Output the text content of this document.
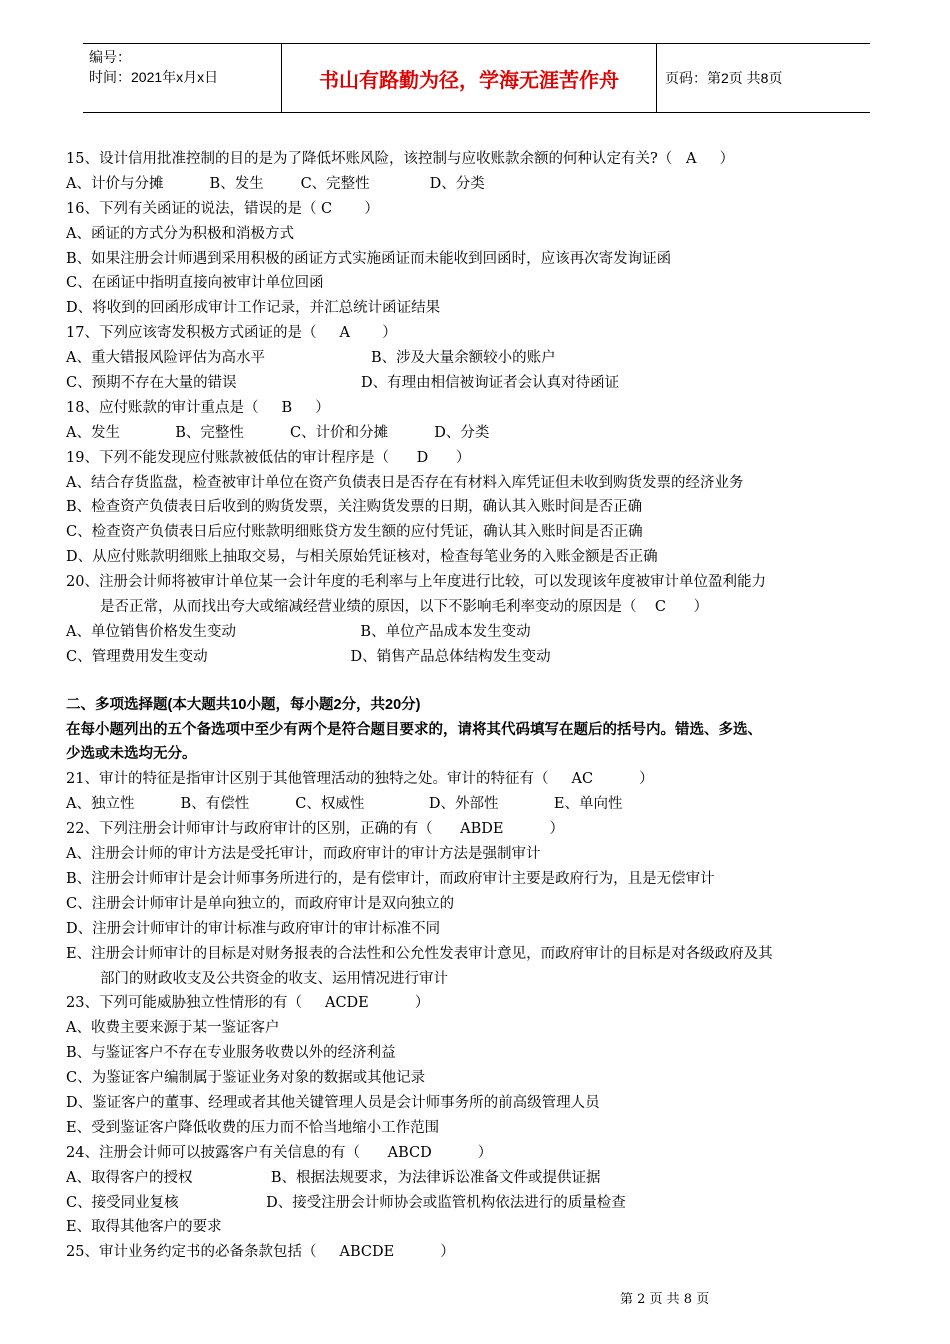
编号：
时间：2021年x月x日	书山有路勤为径，学海无涯苦作舟	页码：第2页 共8页
15、设计信用批准控制的目的是为了降低坏账风险，该控制与应收账款余额的何种认定有关?（   A     ）
A、计价与分摊          B、发生        C、完整性             D、分类
16、下列有关函证的说法，错误的是（ C       ）
A、函证的方式分为积极和消极方式
B、如果注册会计师遇到采用积极的函证方式实施函证而未能收到回函时，应该再次寄发询证函
C、在函证中指明直接向被审计单位回函
D、将收到的回函形成审计工作记录，并汇总统计函证结果
17、下列应该寄发积极方式函证的是（     A       ）
A、重大错报风险评估为高水平                       B、涉及大量余额较小的账户
C、预期不存在大量的错误                           D、有理由相信被询证者会认真对待函证
18、应付账款的审计重点是（     B     ）
A、发生            B、完整性          C、计价和分摊          D、分类
19、下列不能发现应付账款被低估的审计程序是（      D      ）
A、结合存货监盘，检查被审计单位在资产负债表日是否存在有材料入库凭证但未收到购货发票的经济业务
B、检查资产负债表日后收到的购货发票，关注购货发票的日期，确认其入账时间是否正确
C、检查资产负债表日后应付账款明细账贷方发生额的应付凭证，确认其入账时间是否正确
D、从应付账款明细账上抽取交易，与相关原始凭证核对，检查每笔业务的入账金额是否正确
20、注册会计师将被审计单位某一会计年度的毛利率与上年度进行比较，可以发现该年度被审计单位盈利能力
是否正常，从而找出夸大或缩减经营业绩的原因，以下不影响毛利率变动的原因是（    C      ）
A、单位销售价格发生变动                           B、单位产品成本发生变动
C、管理费用发生变动                               D、销售产品总体结构发生变动
二、多项选择题(本大题共10小题，每小题2分，共20分)
在每小题列出的五个备选项中至少有两个是符合题目要求的，请将其代码填写在题后的括号内。错选、多选、
少选或未选均无分。
21、审计的特征是指审计区别于其他管理活动的独特之处。审计的特征有（     AC          ）
A、独立性          B、有偿性          C、权威性              D、外部性            E、单向性
22、下列注册会计师审计与政府审计的区别，正确的有（      ABDE          ）
A、注册会计师的审计方法是受托审计，而政府审计的审计方法是强制审计
B、注册会计师审计是会计师事务所进行的，是有偿审计，而政府审计主要是政府行为，且是无偿审计
C、注册会计师审计是单向独立的，而政府审计是双向独立的
D、注册会计师审计的审计标准与政府审计的审计标准不同
E、注册会计师审计的目标是对财务报表的合法性和公允性发表审计意见，而政府审计的目标是对各级政府及其
部门的财政收支及公共资金的收支、运用情况进行审计
23、下列可能威胁独立性情形的有（     ACDE          ）
A、收费主要来源于某一鉴证客户
B、与鉴证客户不存在专业服务收费以外的经济利益
C、为鉴证客户编制属于鉴证业务对象的数据或其他记录
D、鉴证客户的董事、经理或者其他关键管理人员是会计师事务所的前高级管理人员
E、受到鉴证客户降低收费的压力而不恰当地缩小工作范围
24、注册会计师可以披露客户有关信息的有（      ABCD          ）
A、取得客户的授权                 B、根据法规要求，为法律诉讼准备文件或提供证据
C、接受同业复核                   D、接受注册会计师协会或监管机构依法进行的质量检查
E、取得其他客户的要求
25、审计业务约定书的必备条款包括（     ABCDE          ）
第 2 页 共 8 页
